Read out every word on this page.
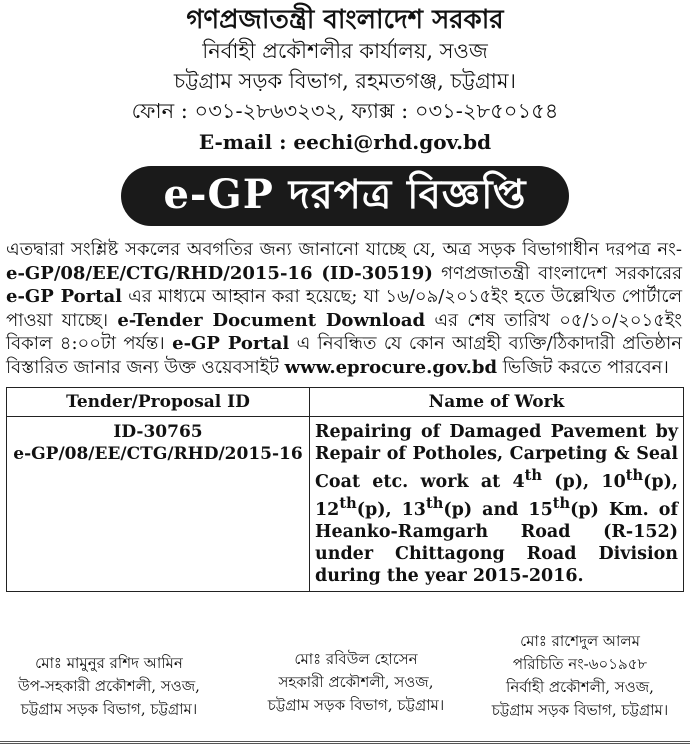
গণপ্রজাতন্ত্রী বাংলাদেশ সরকার
নির্বাহী প্রকৌশলীর কার্যালয়, সওজ
চট্টগ্রাম সড়ক বিভাগ, রহমতগঞ্জ, চট্টগ্রাম।
ফোন : ০৩১-২৮৬৩২৩২, ফ্যাক্স : ০৩১-২৮৫০১৫৪
E-mail : eechi@rhd.gov.bd
e-GP দরপত্র বিজ্ঞপ্তি
এতদ্বারা সংশ্লিষ্ট সকলের অবগতির জন্য জানানো যাচ্ছে যে, অত্র সড়ক বিভাগাধীন দরপত্র নং- e-GP/08/EE/CTG/RHD/2015-16 (ID-30519) গণপ্রজাতন্ত্রী বাংলাদেশ সরকারের e-GP Portal এর মাধ্যমে আহ্বান করা হয়েছে; যা ১৬/০৯/২০১৫ইং হতে উল্লেখিত পোর্টালে পাওয়া যাচ্ছে। e-Tender Document Download এর শেষ তারিখ ০৫/১০/২০১৫ইং বিকাল ৪:০০টা পর্যন্ত। e-GP Portal এ নিবন্ধিত যে কোন আগ্রহী ব্যক্তি/ঠিকাদারী প্রতিষ্ঠান বিস্তারিত জানার জন্য উক্ত ওয়েবসাইট www.eprocure.gov.bd ভিজিট করতে পারবেন।
Tender/Proposal ID	Name of Work

ID-30765
e-GP/08/EE/CTG/RHD/2015-16	Repairing of Damaged Pavement by Repair of Potholes, Carpeting & Seal Coat etc. work at 4th (p), 10th(p), 12th(p), 13th(p) and 15th(p) Km. of Heanko-Ramgarh Road (R-152) under Chittagong Road Division during the year 2015-2016.
মোঃ মামুনুর রশিদ আমিন
উপ-সহকারী প্রকৌশলী, সওজ,
চট্টগ্রাম সড়ক বিভাগ, চট্টগ্রাম।
মোঃ রবিউল হোসেন
সহকারী প্রকৌশলী, সওজ,
চট্টগ্রাম সড়ক বিভাগ, চট্টগ্রাম।
মোঃ রাশেদুল আলম
পরিচিতি নং-৬০১৯৫৮
নির্বাহী প্রকৌশলী, সওজ,
চট্টগ্রাম সড়ক বিভাগ, চট্টগ্রাম।
